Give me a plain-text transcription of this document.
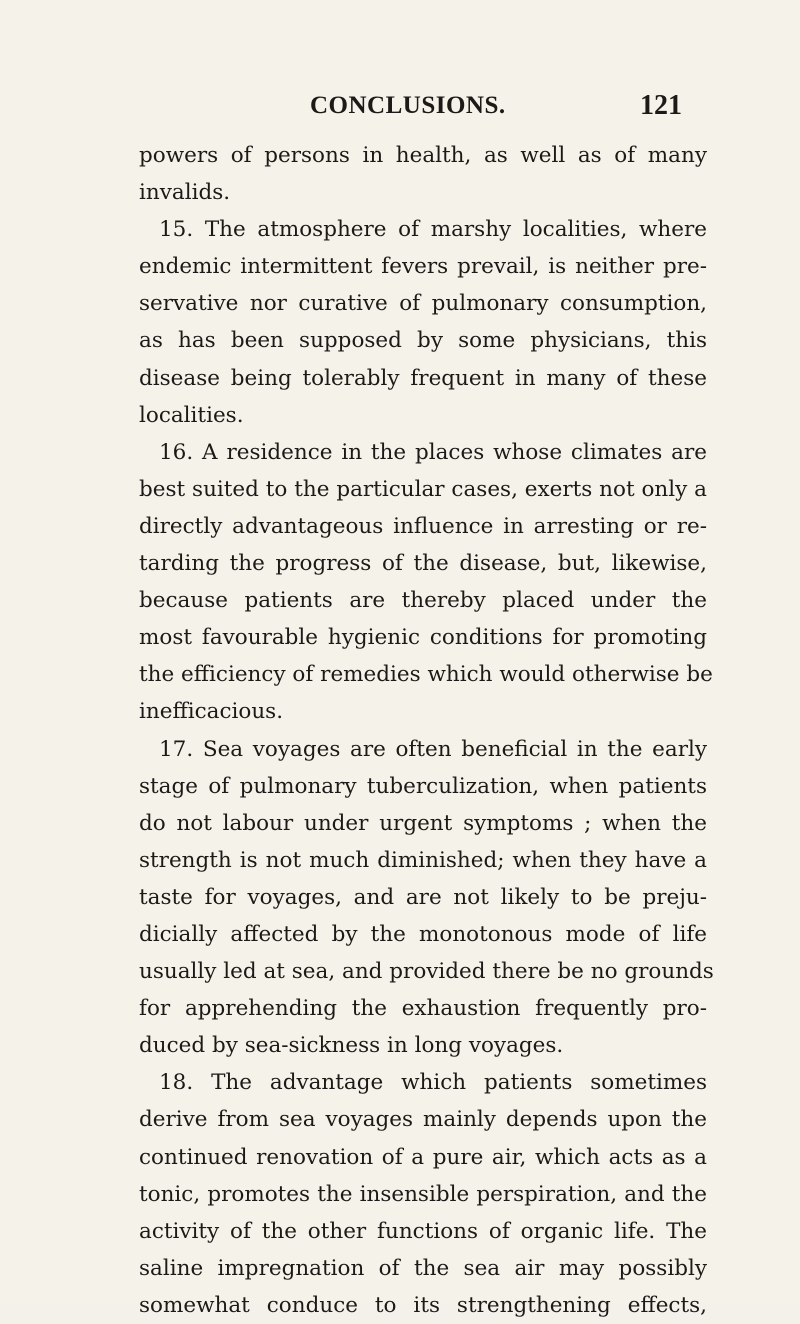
CONCLUSIONS.	121
powers of persons in health, as well as of many
invalids.
15. The atmosphere of marshy localities, where
endemic intermittent fevers prevail, is neither pre-
servative nor curative of pulmonary consumption,
as has been supposed by some physicians, this
disease being tolerably frequent in many of these
localities.
16. A residence in the places whose climates are
best suited to the particular cases, exerts not only a
directly advantageous influence in arresting or re-
tarding the progress of the disease, but, likewise,
because patients are thereby placed under the
most favourable hygienic conditions for promoting
the efficiency of remedies which would otherwise be
inefficacious.
17. Sea voyages are often beneficial in the early
stage of pulmonary tuberculization, when patients
do not labour under urgent symptoms ; when the
strength is not much diminished; when they have a
taste for voyages, and are not likely to be preju-
dicially affected by the monotonous mode of life
usually led at sea, and provided there be no grounds
for apprehending the exhaustion frequently pro-
duced by sea-sickness in long voyages.
18. The advantage which patients sometimes
derive from sea voyages mainly depends upon the
continued renovation of a pure air, which acts as a
tonic, promotes the insensible perspiration, and the
activity of the other functions of organic life. The
saline impregnation of the sea air may possibly
somewhat conduce to its strengthening effects,
